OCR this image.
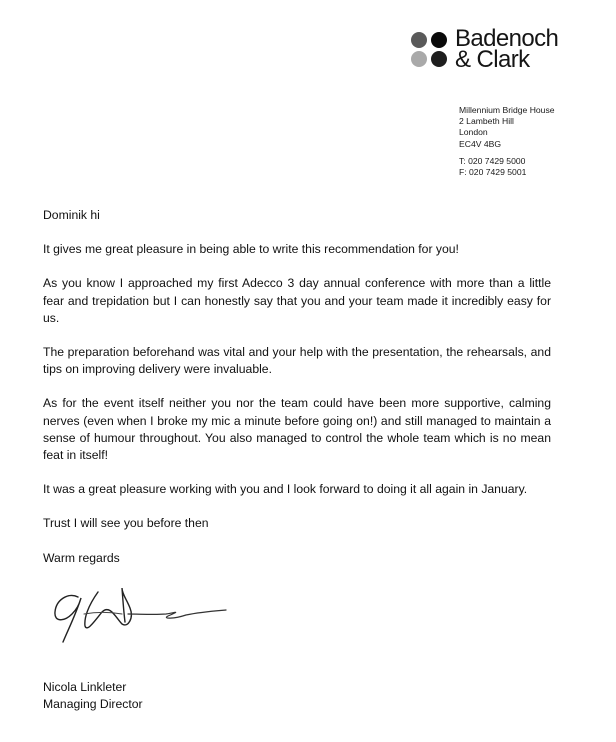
Badenoch
& Clark
Millennium Bridge House
2 Lambeth Hill
London
EC4V 4BG
T: 020 7429 5000
F: 020 7429 5001

Dominik hi

It gives me great pleasure in being able to write this recommendation for you!

As you know I approached my first Adecco 3 day annual conference with more than a little fear and trepidation but I can honestly say that you and your team made it incredibly easy for us.

The preparation beforehand was vital and your help with the presentation, the rehearsals, and tips on improving delivery were invaluable.

As for the event itself neither you nor the team could have been more supportive, calming nerves (even when I broke my mic a minute before going on!) and still managed to maintain a sense of humour throughout. You also managed to control the whole team which is no mean feat in itself!

It was a great pleasure working with you and I look forward to doing it all again in January.

Trust I will see you before then

Warm regards

Nicola Linkleter
Managing Director
